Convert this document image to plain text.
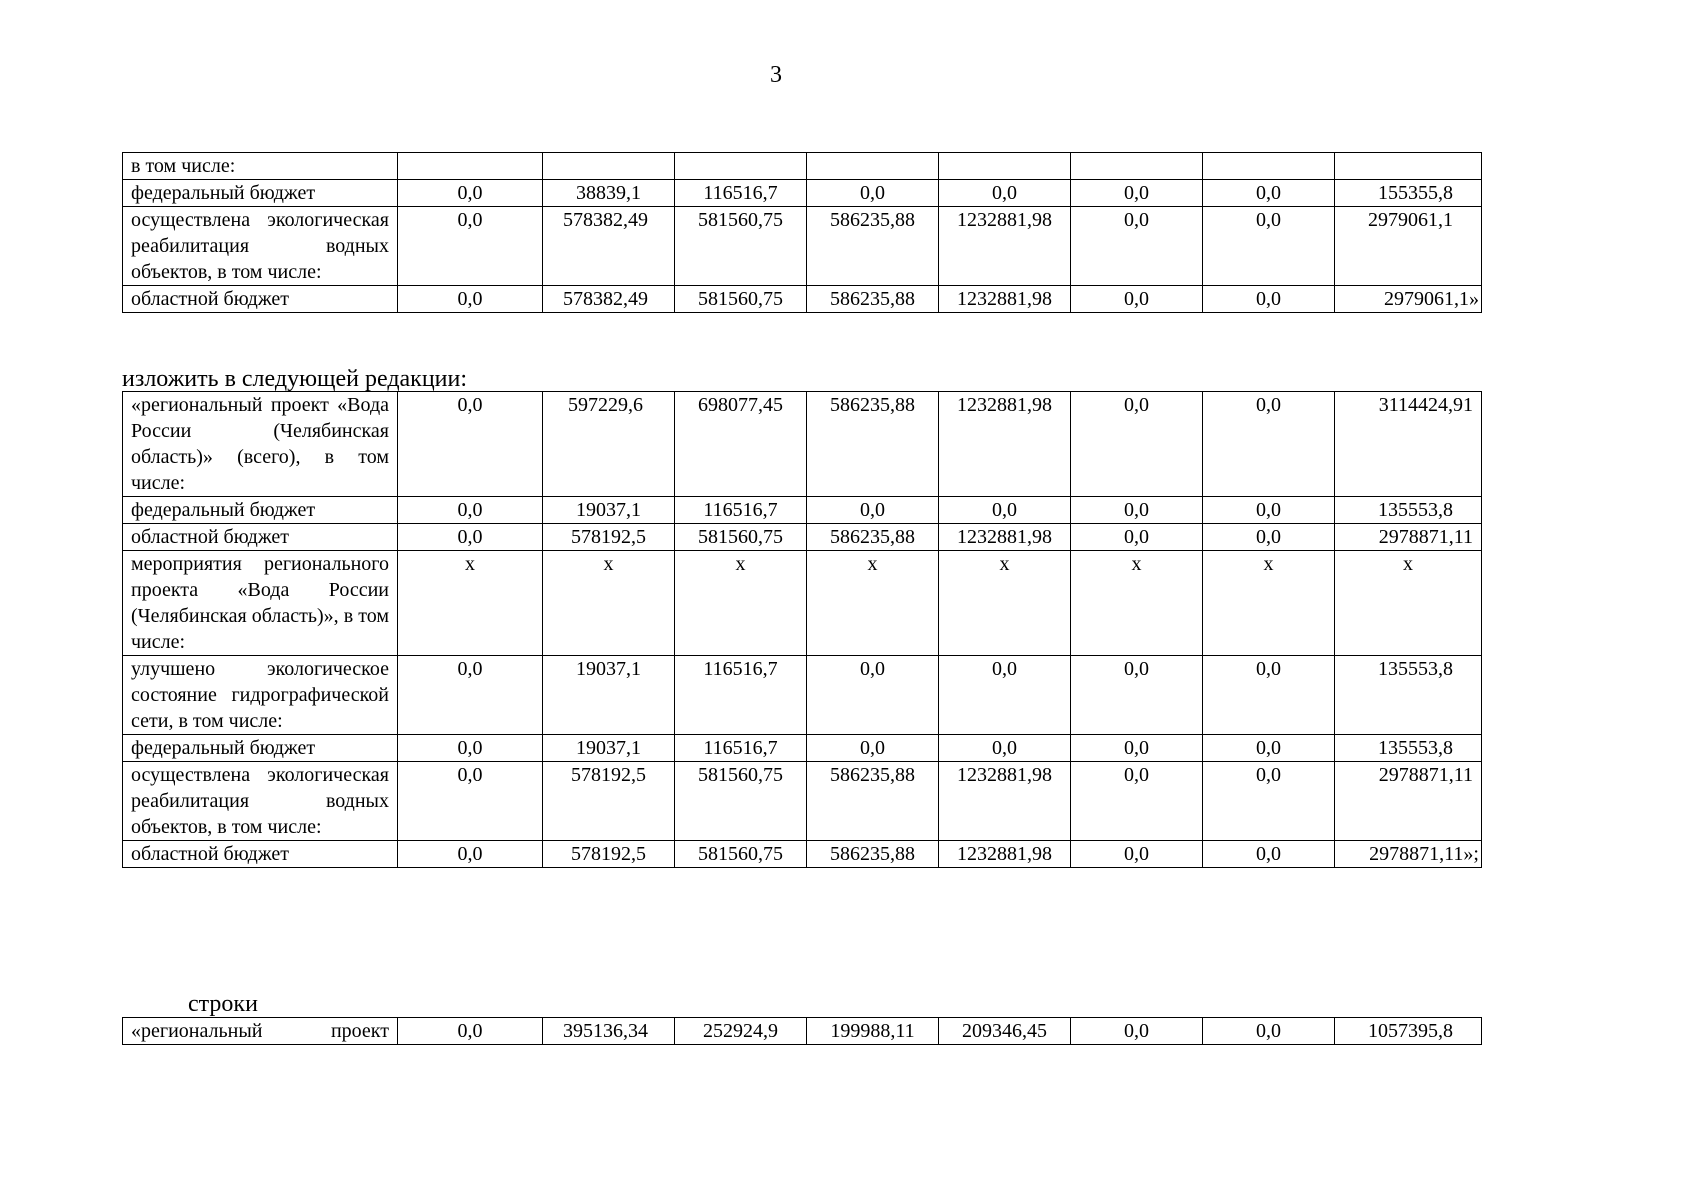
3
в том числе:								
федеральный бюджет	0,0	38839,1	116516,7	0,0	0,0	0,0	0,0	155355,8
осуществлена экологическая реабилитация водных объектов, в том числе:	0,0	578382,49	581560,75	586235,88	1232881,98	0,0	0,0	2979061,1
областной бюджет	0,0	578382,49	581560,75	586235,88	1232881,98	0,0	0,0	2979061,1»
изложить в следующей редакции:
«региональный проект «Вода России (Челябинская область)» (всего), в том числе:	0,0	597229,6	698077,45	586235,88	1232881,98	0,0	0,0	3114424,91
федеральный бюджет	0,0	19037,1	116516,7	0,0	0,0	0,0	0,0	135553,8
областной бюджет	0,0	578192,5	581560,75	586235,88	1232881,98	0,0	0,0	2978871,11
мероприятия регионального проекта «Вода России (Челябинская область)», в том числе:	x	x	x	x	x	x	x	x
улучшено экологическое состояние гидрографической сети, в том числе:	0,0	19037,1	116516,7	0,0	0,0	0,0	0,0	135553,8
федеральный бюджет	0,0	19037,1	116516,7	0,0	0,0	0,0	0,0	135553,8
осуществлена экологическая реабилитация водных объектов, в том числе:	0,0	578192,5	581560,75	586235,88	1232881,98	0,0	0,0	2978871,11
областной бюджет	0,0	578192,5	581560,75	586235,88	1232881,98	0,0	0,0	2978871,11»;
строки
«региональный проект	0,0	395136,34	252924,9	199988,11	209346,45	0,0	0,0	1057395,8
